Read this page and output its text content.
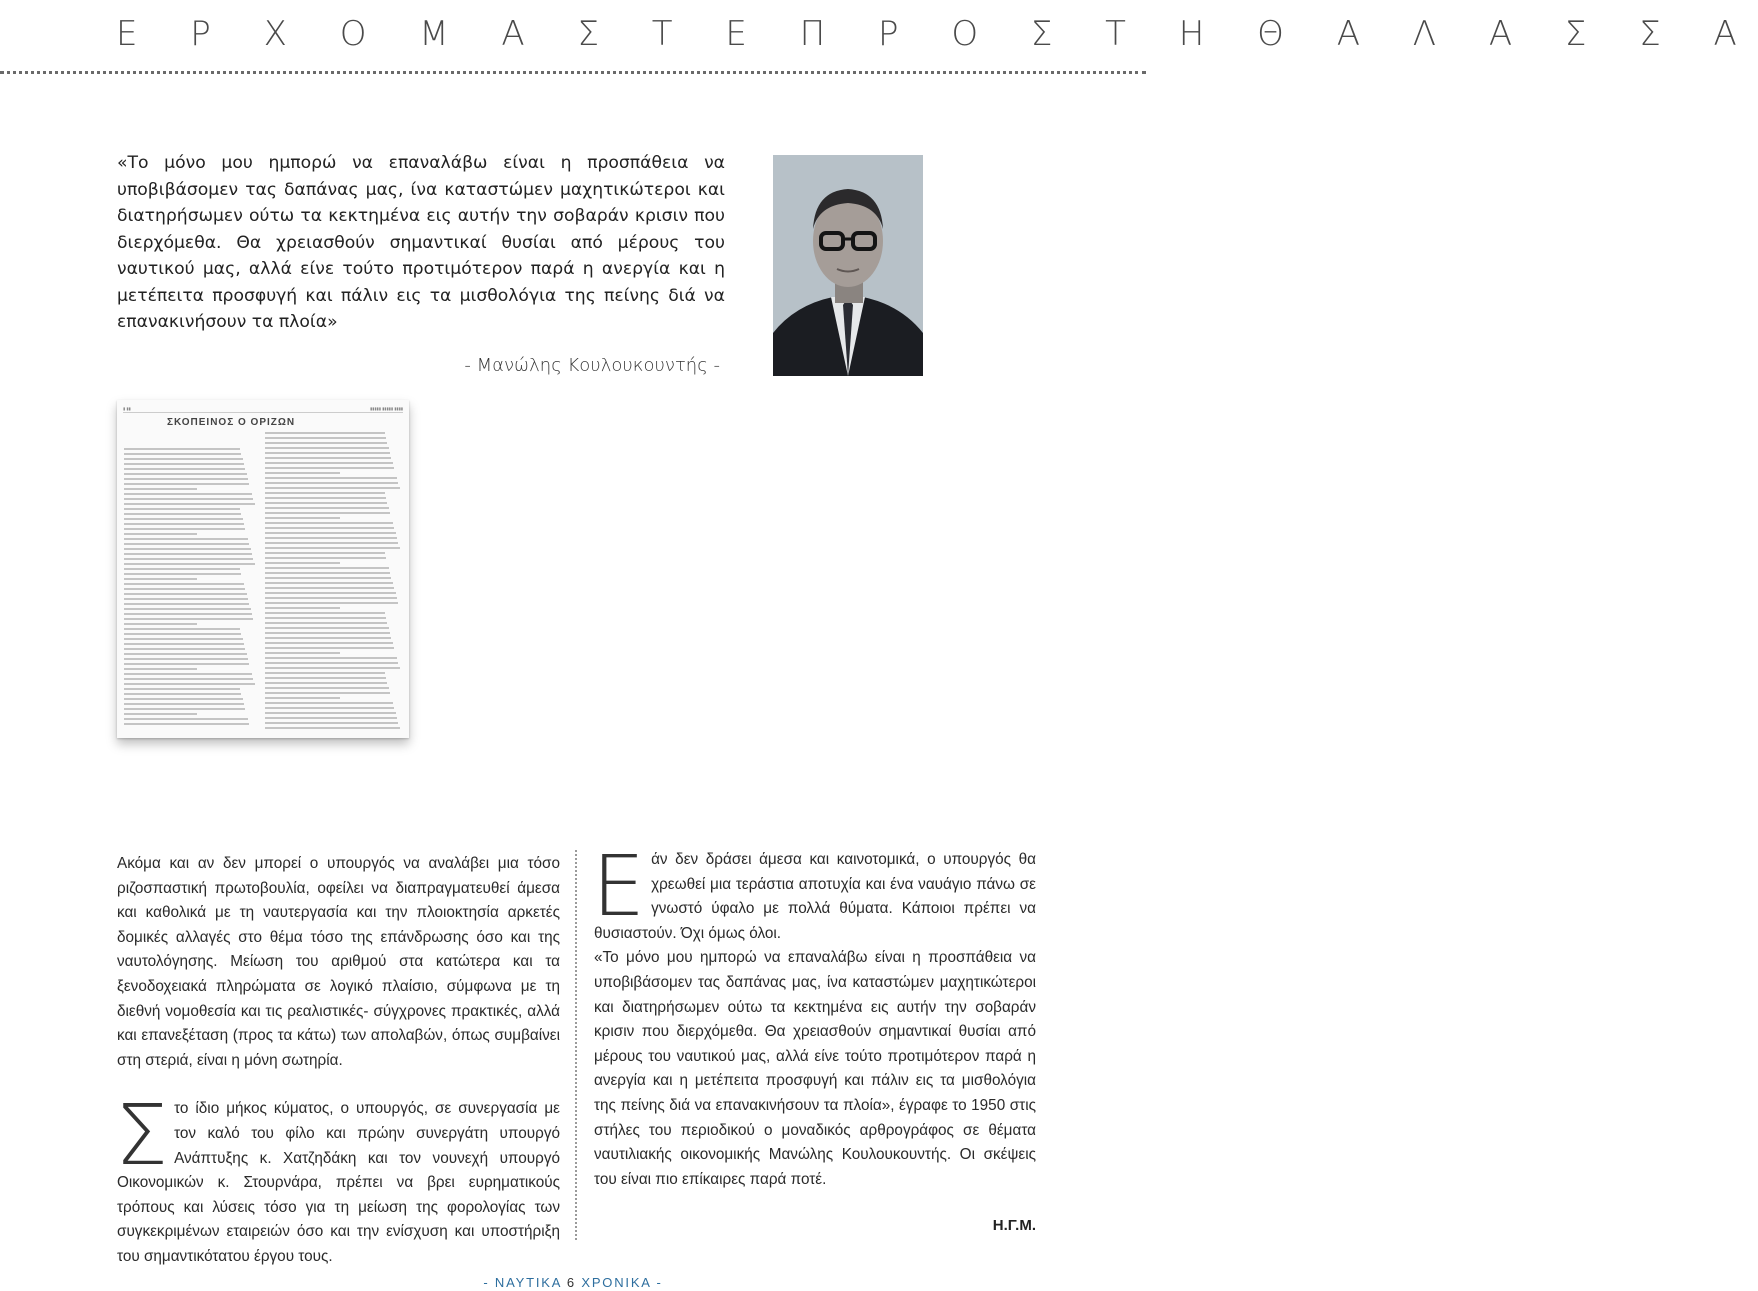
Ε Ρ Χ Ο Μ Α Σ Τ Ε Π Ρ Ο Σ Τ Η Θ Α Λ Α Σ Σ Α

«Το μόνο μου ημπορώ να επαναλάβω είναι η προσπάθεια να υποβιβάσομεν τας δαπάνας μας, ίνα καταστώμεν μαχητικώτεροι και διατηρήσωμεν ούτω τα κεκτημένα εις αυτήν την σοβαράν κρισιν που διερχόμεθα. Θα χρειασθούν σημαντικαί θυσίαι από μέρους του ναυτικού μας, αλλά είνε τούτο προτιμότερον παρά η ανεργία και η μετέπειτα προσφυγή και πάλιν εις τα μισθολόγια της πείνης διά να επανακινήσουν τα πλοία»

- Μανώλης Κουλουκουντής -
▮ ▮▮	▮▮▮▮▮ ▮▮▮▮▮ ▮▮▮▮
ΣΚΟΠΕΙΝΟΣ Ο ΟΡΙΖΩΝ

Ακόμα και αν δεν μπορεί ο υπουργός να αναλάβει μια τόσο ριζοσπαστική πρωτοβουλία, οφείλει να διαπραγματευθεί άμεσα και καθολικά με τη ναυτεργασία και την πλοιοκτησία αρκετές δομικές αλλαγές στο θέμα τόσο της επάνδρωσης όσο και της ναυτολόγησης. Μείωση του αριθμού στα κατώτερα και τα ξενοδοχειακά πληρώματα σε λογικό πλαίσιο, σύμφωνα με τη διεθνή νομοθεσία και τις ρεαλιστικές- σύγχρονες πρακτικές, αλλά και επανεξέταση (προς τα κάτω) των απολαβών, όπως συμβαίνει στη στεριά, είναι η μόνη σωτηρία.

Σ το ίδιο μήκος κύματος, ο υπουργός, σε συνεργασία με τον καλό του φίλο και πρώην συνεργάτη υπουργό Ανάπτυξης κ. Χατζηδάκη και τον νουνεχή υπουργό Οικονομικών κ. Στουρνάρα, πρέπει να βρει ευρηματικούς τρόπους και λύσεις τόσο για τη μείωση της φορολογίας των συγκεκριμένων εταιρειών όσο και την ενίσχυση και υποστήριξη του σημαντικότατου έργου τους.

Ε άν δεν δράσει άμεσα και καινοτομικά, ο υπουργός θα χρεωθεί μια τεράστια αποτυχία και ένα ναυάγιο πάνω σε γνωστό ύφαλο με πολλά θύματα. Κάποιοι πρέπει να θυσιαστούν. Όχι όμως όλοι.

«Το μόνο μου ημπορώ να επαναλάβω είναι η προσπάθεια να υποβιβάσομεν τας δαπάνας μας, ίνα καταστώμεν μαχητικώτεροι και διατηρήσωμεν ούτω τα κεκτημένα εις αυτήν την σοβαράν κρισιν που διερχόμεθα. Θα χρειασθούν σημαντικαί θυσίαι από μέρους του ναυτικού μας, αλλά είνε τούτο προτιμότερον παρά η ανεργία και η μετέπειτα προσφυγή και πάλιν εις τα μισθολόγια της πείνης διά να επανακινήσουν τα πλοία», έγραφε το 1950 στις στήλες του περιοδικού ο μοναδικός αρθρογράφος σε θέματα ναυτιλιακής οικονομικής Μανώλης Κουλουκουντής. Οι σκέψεις του είναι πιο επίκαιρες παρά ποτέ.

Η.Γ.Μ.
- ΝΑΥΤΙΚΑ 6 ΧΡΟΝΙΚΑ -
